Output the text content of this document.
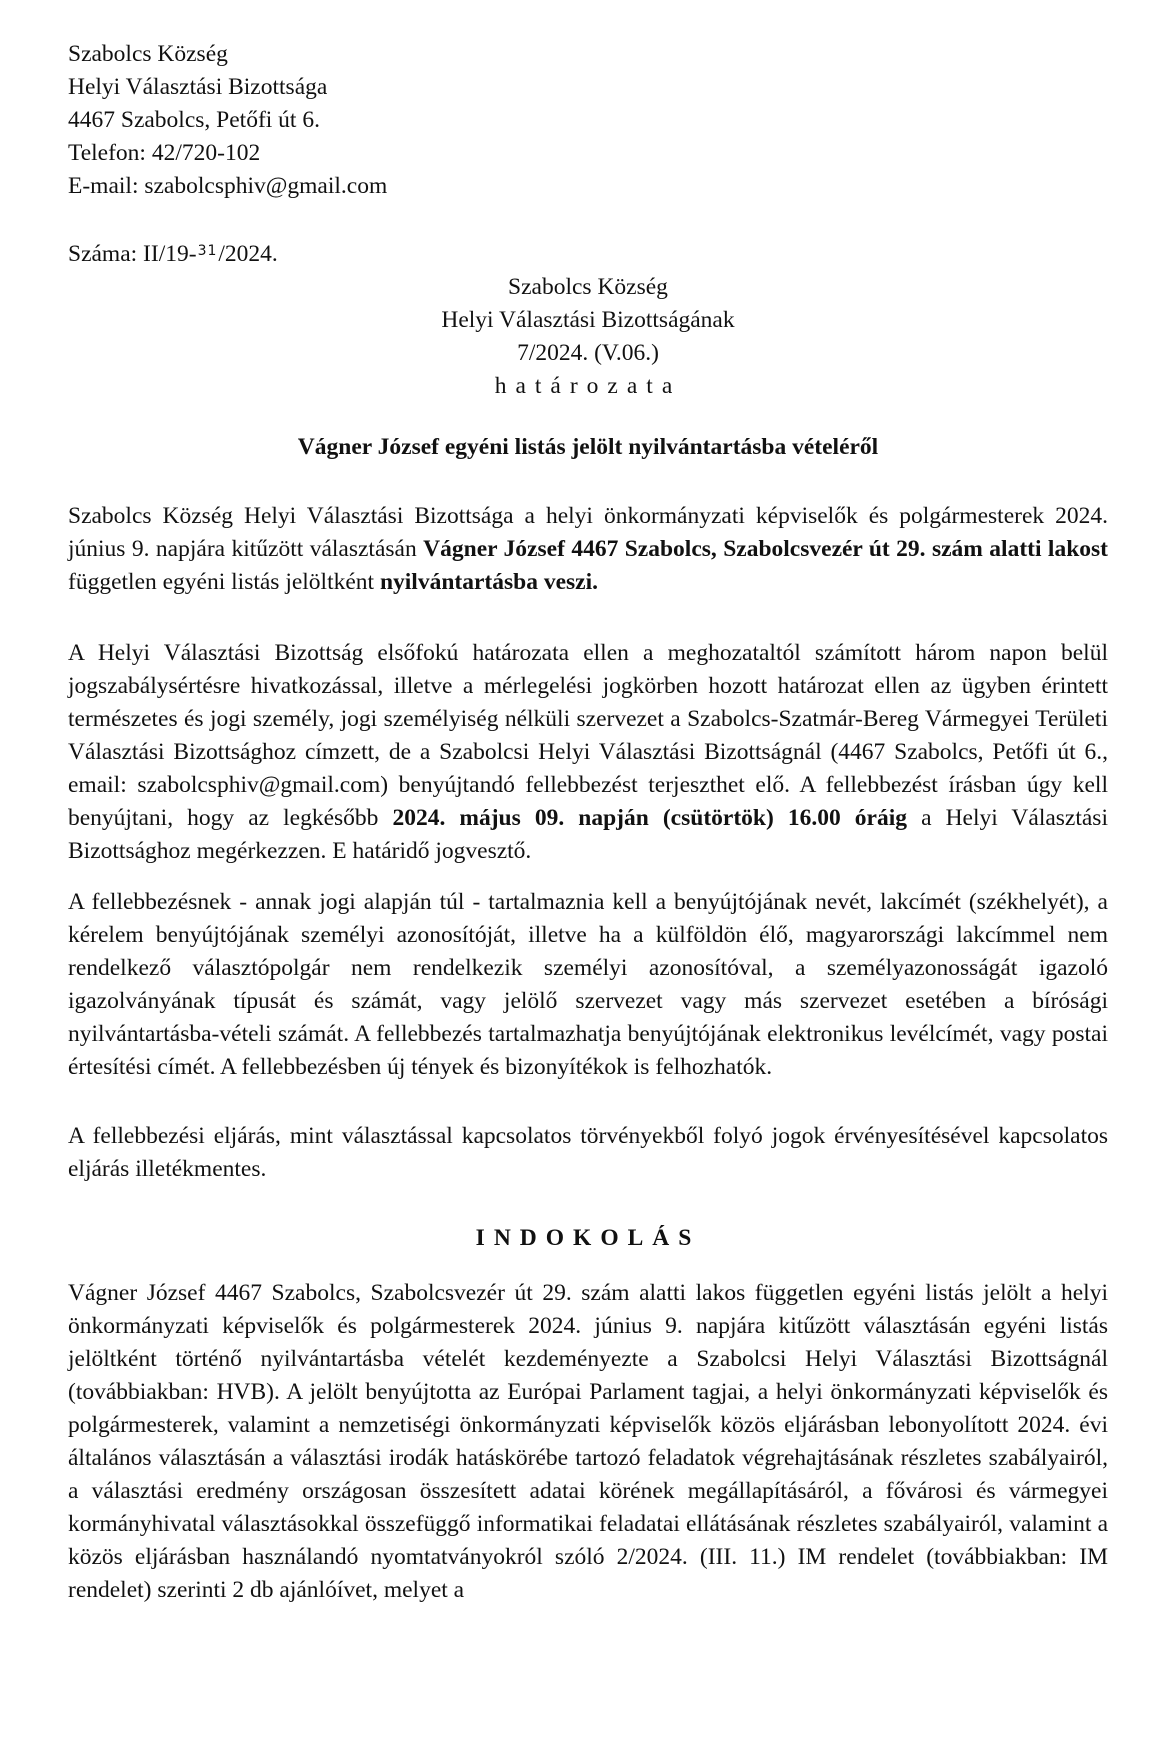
Szabolcs Község

Helyi Választási Bizottsága

4467 Szabolcs, Petőfi út 6.

Telefon: 42/720-102

E-mail: szabolcsphiv@gmail.com

Száma: II/19-$^{31}$/2024.
Szabolcs Község
Helyi Választási Bizottságának
7/2024. (V.06.)
határozata
Vágner József egyéni listás jelölt nyilvántartásba vételéről

Szabolcs Község Helyi Választási Bizottsága a helyi önkormányzati képviselők és polgármesterek 2024. június 9. napjára kitűzött választásán Vágner József 4467 Szabolcs, Szabolcsvezér út 29. szám alatti lakost független egyéni listás jelöltként nyilvántartásba veszi.

A Helyi Választási Bizottság elsőfokú határozata ellen a meghozataltól számított három napon belül jogszabálysértésre hivatkozással, illetve a mérlegelési jogkörben hozott határozat ellen az ügyben érintett természetes és jogi személy, jogi személyiség nélküli szervezet a Szabolcs-Szatmár-Bereg Vármegyei Területi Választási Bizottsághoz címzett, de a Szabolcsi Helyi Választási Bizottságnál (4467 Szabolcs, Petőfi út 6., email: szabolcsphiv@gmail.com) benyújtandó fellebbezést terjeszthet elő. A fellebbezést írásban úgy kell benyújtani, hogy az legkésőbb 2024. május 09. napján (csütörtök) 16.00 óráig a Helyi Választási Bizottsághoz megérkezzen. E határidő jogvesztő.

A fellebbezésnek - annak jogi alapján túl - tartalmaznia kell a benyújtójának nevét, lakcímét (székhelyét), a kérelem benyújtójának személyi azonosítóját, illetve ha a külföldön élő, magyarországi lakcímmel nem rendelkező választópolgár nem rendelkezik személyi azonosítóval, a személyazonosságát igazoló igazolványának típusát és számát, vagy jelölő szervezet vagy más szervezet esetében a bírósági nyilvántartásba-vételi számát. A fellebbezés tartalmazhatja benyújtójának elektronikus levélcímét, vagy postai értesítési címét. A fellebbezésben új tények és bizonyítékok is felhozhatók.

A fellebbezési eljárás, mint választással kapcsolatos törvényekből folyó jogok érvényesítésével kapcsolatos eljárás illetékmentes.

INDOKOLÁS

Vágner József 4467 Szabolcs, Szabolcsvezér út 29. szám alatti lakos független egyéni listás jelölt a helyi önkormányzati képviselők és polgármesterek 2024. június 9. napjára kitűzött választásán egyéni listás jelöltként történő nyilvántartásba vételét kezdeményezte a Szabolcsi Helyi Választási Bizottságnál (továbbiakban: HVB). A jelölt benyújtotta az Európai Parlament tagjai, a helyi önkormányzati képviselők és polgármesterek, valamint a nemzetiségi önkormányzati képviselők közös eljárásban lebonyolított 2024. évi általános választásán a választási irodák hatáskörébe tartozó feladatok végrehajtásának részletes szabályairól, a választási eredmény országosan összesített adatai körének megállapításáról, a fővárosi és vármegyei kormányhivatal választásokkal összefüggő informatikai feladatai ellátásának részletes szabályairól, valamint a közös eljárásban használandó nyomtatványokról szóló 2/2024. (III. 11.) IM rendelet (továbbiakban: IM rendelet) szerinti 2 db ajánlóívet, melyet a
